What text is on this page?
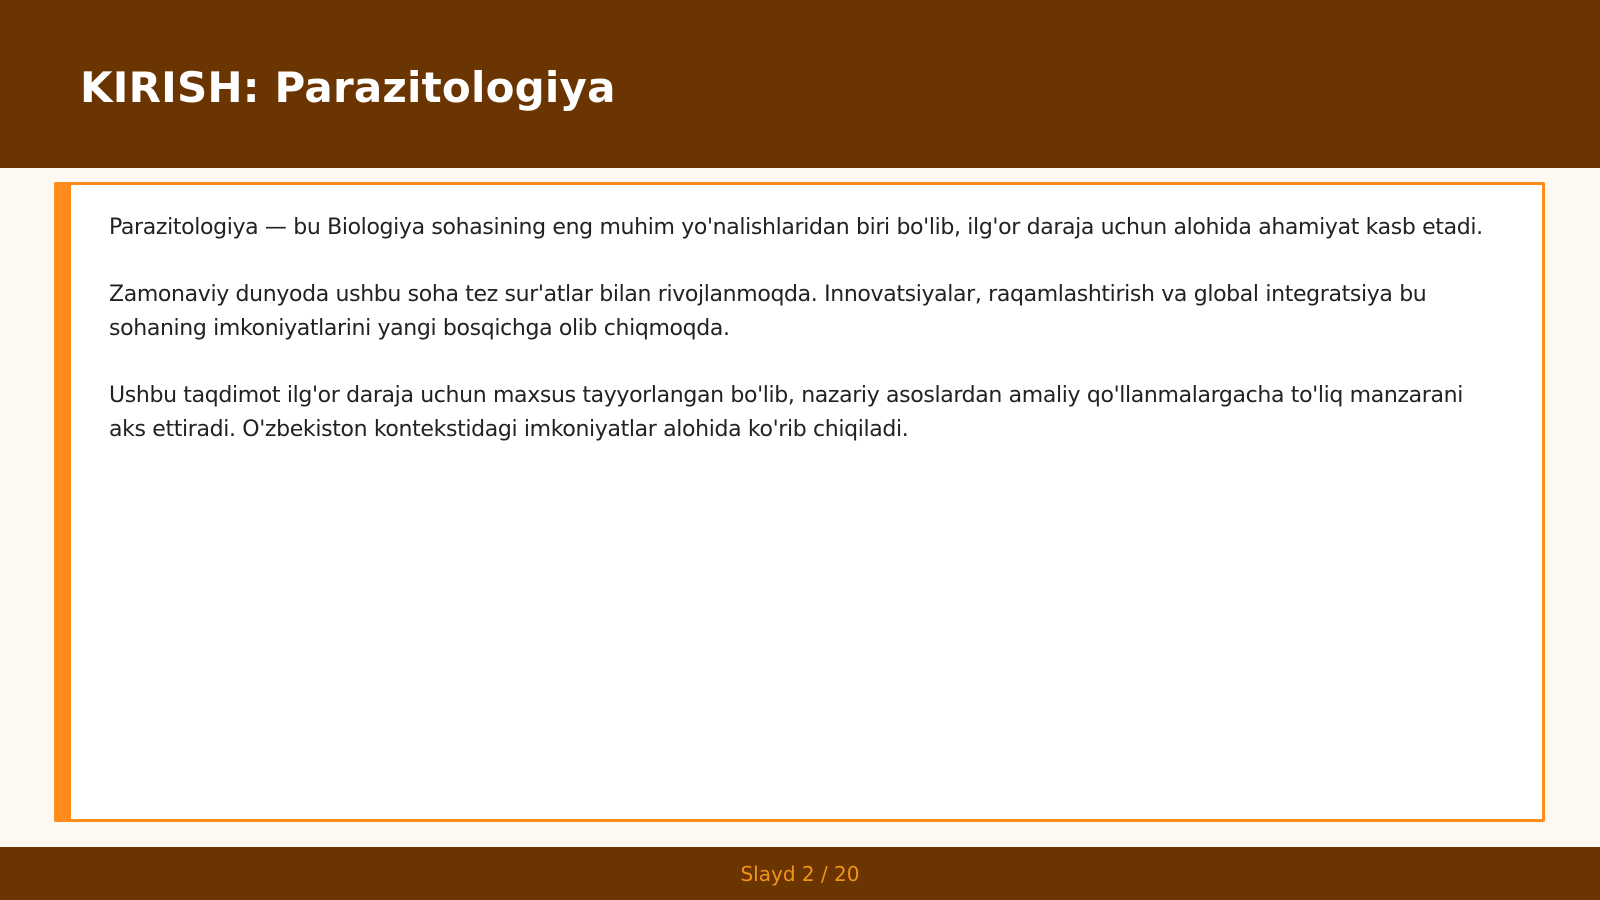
KIRISH: Parazitologiya

Parazitologiya — bu Biologiya sohasining eng muhim yo'nalishlaridan biri bo'lib, ilg'or daraja uchun alohida ahamiyat kasb etadi.

Zamonaviy dunyoda ushbu soha tez sur'atlar bilan rivojlanmoqda. Innovatsiyalar, raqamlashtirish va global integratsiya bu sohaning imkoniyatlarini yangi bosqichga olib chiqmoqda.

Ushbu taqdimot ilg'or daraja uchun maxsus tayyorlangan bo'lib, nazariy asoslardan amaliy qo'llanmalargacha to'liq manzarani aks ettiradi. O'zbekiston kontekstidagi imkoniyatlar alohida ko'rib chiqiladi.

Slayd 2 / 20
